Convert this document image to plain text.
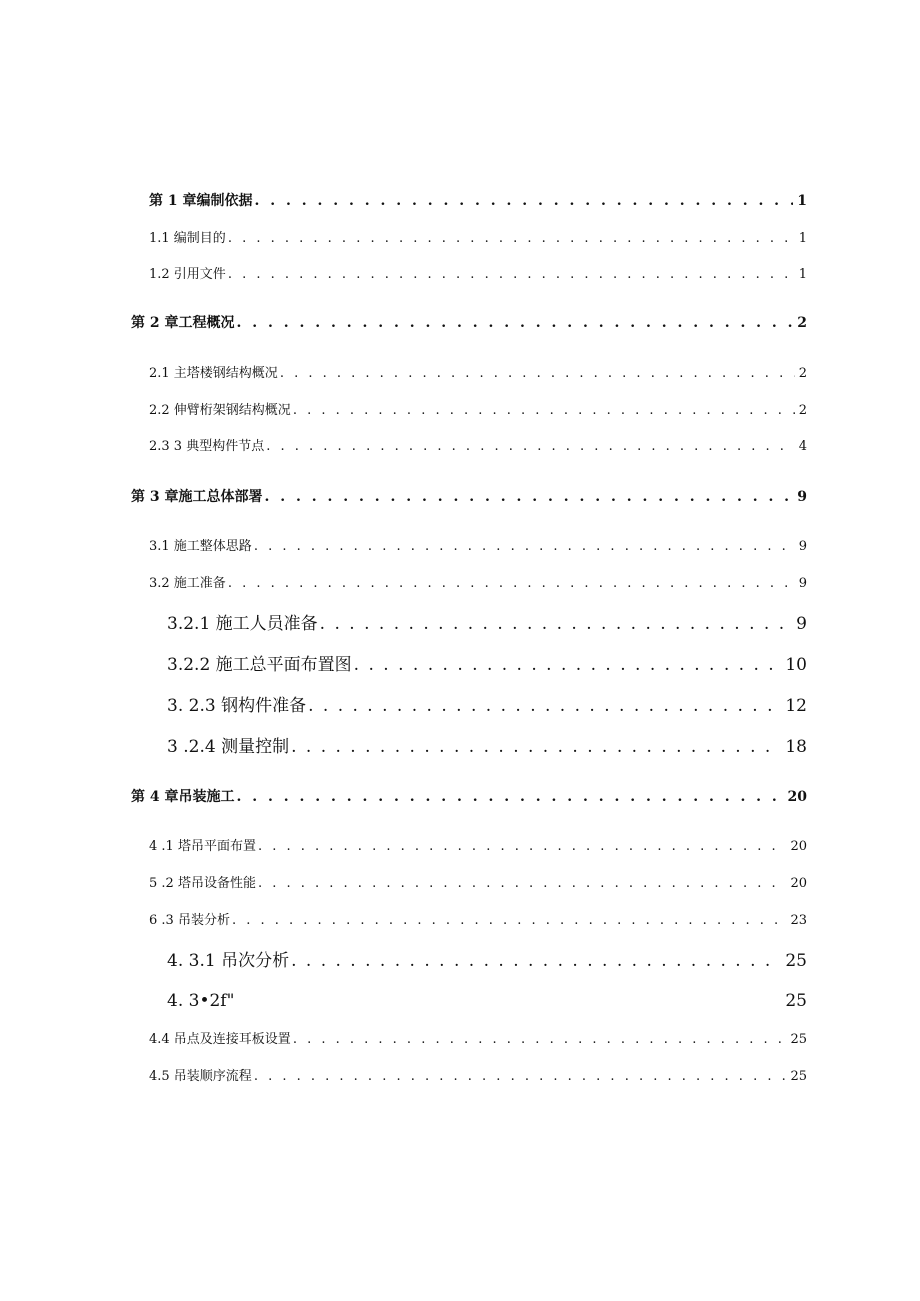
第 1 章编制依据 . . .	1
1.1 编制目的 . . .	1
1.2 引用文件 . . .	1
第 2 章工程概况 . . .	2
2.1 主塔楼钢结构概况 . . .	2
2.2 伸臂桁架钢结构概况 . . .	2
2.3 3 典型构件节点 . . .	4
第 3 章施工总体部署 . . .	9
3.1 施工整体思路 . . .	9
3.2 施工准备 . . .	9
3.2.1 施工人员准备 . . .	9
3.2.2 施工总平面布置图 . . .	10
3. 2.3 钢构件准备 . . .	12
3 .2.4 测量控制 . . .	18
第 4 章吊装施工 . . .	20
4 .1 塔吊平面布置 . . .	20
5 .2 塔吊设备性能 . . .	20
6 .3 吊装分析 . . .	23
4. 3.1 吊次分析 . . .	25
4. 3•2f"	25
4.4 吊点及连接耳板设置 . . .	25
4.5 吊装顺序流程 . . .	25
